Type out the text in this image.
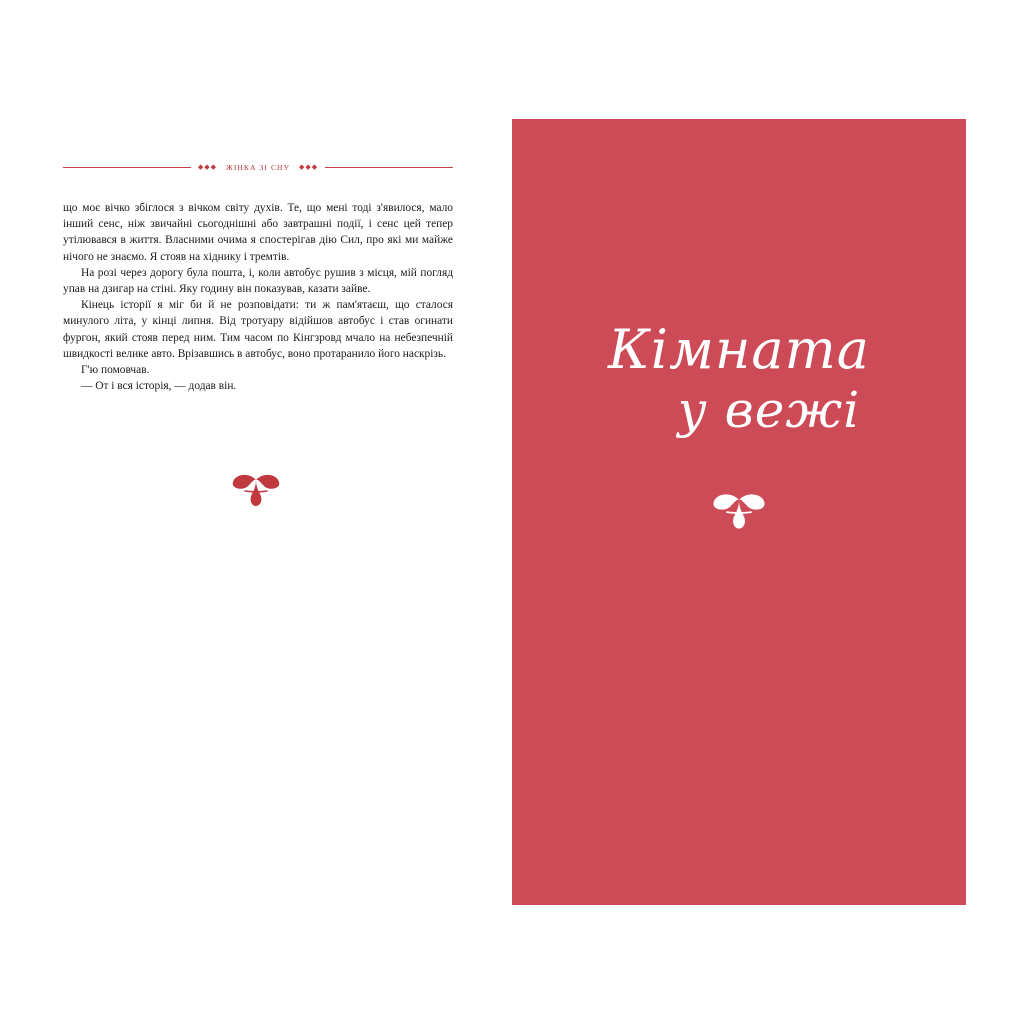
◆◆◆	ЖІНКА ЗІ СНУ	◆◆◆

що моє вічко збіглося з вічком світу духів. Те, що мені тоді з'явилося, мало інший сенс, ніж звичайні сьогоднішні або завтрашні події, і сенс цей тепер утілювався в життя. Власними очима я спостерігав дію Сил, про які ми майже нічого не знаємо. Я стояв на хіднику і тремтів.

На розі через дорогу була пошта, і, коли автобус рушив з місця, мій погляд упав на дзигар на стіні. Яку годину він показував, казати зайве.

Кінець історії я міг би й не розповідати: ти ж пам'ятаєш, що сталося минулого літа, у кінці липня. Від тротуару відійшов автобус і став огинати фургон, який стояв перед ним. Тим часом по Кінгзровд мчало на небезпечній швидкості велике авто. Врізавшись в автобус, воно протаранило його наскрізь.

Г'ю помовчав.

— От і вся історія, — додав він.

Кімната
у вежі
